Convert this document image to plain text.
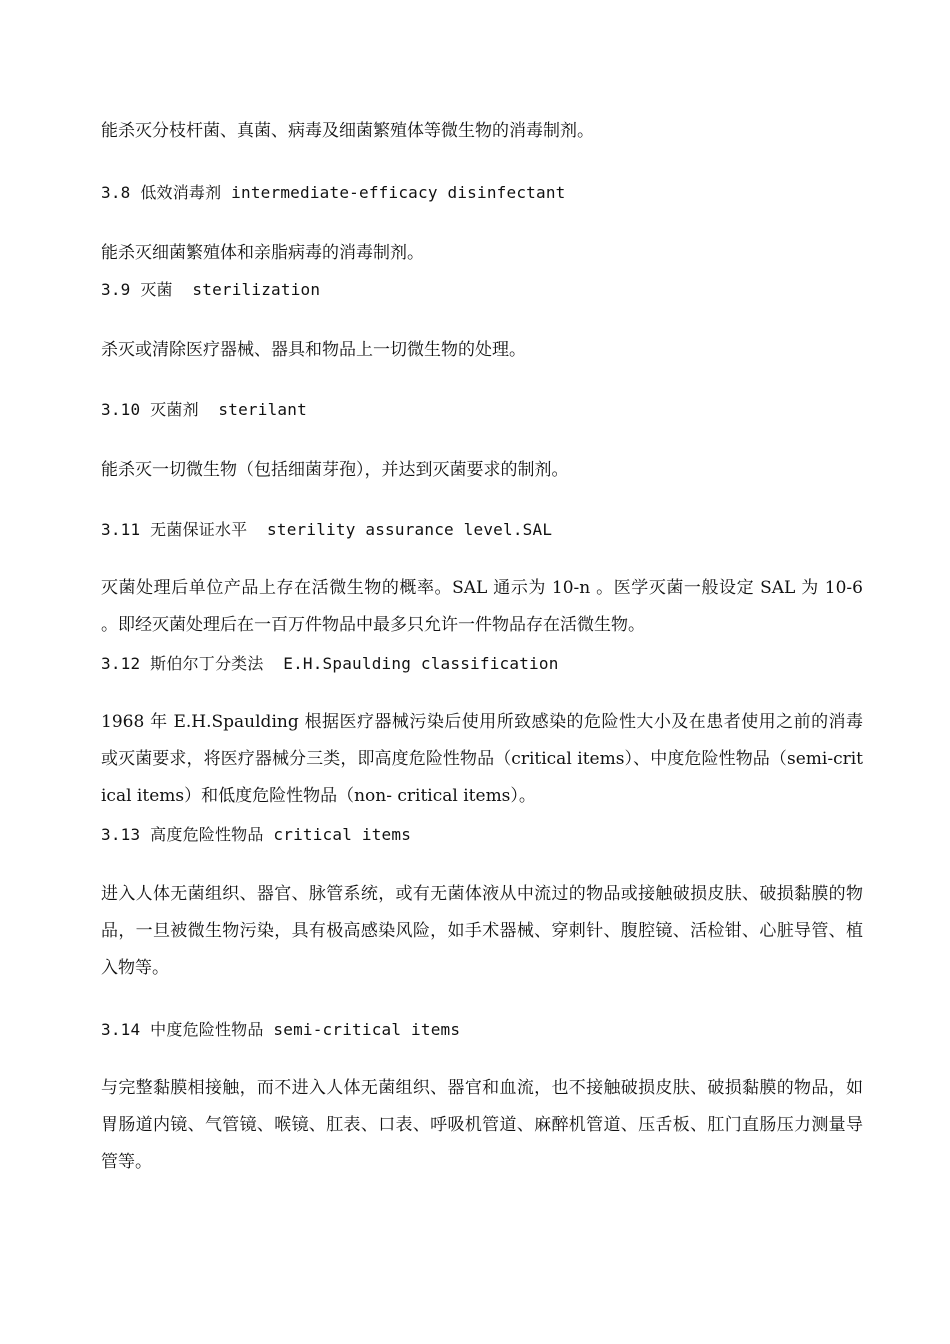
能杀灭分枝杆菌、真菌、病毒及细菌繁殖体等微生物的消毒制剂。

3.8 低效消毒剂 intermediate-efficacy disinfectant

能杀灭细菌繁殖体和亲脂病毒的消毒制剂。

3.9 灭菌  sterilization

杀灭或清除医疗器械、器具和物品上一切微生物的处理。

3.10 灭菌剂  sterilant

能杀灭一切微生物（包括细菌芽孢），并达到灭菌要求的制剂。

3.11 无菌保证水平  sterility assurance level.SAL

灭菌处理后单位产品上存在活微生物的概率。SAL 通示为 10-n 。医学灭菌一般设定 SAL 为 10-6 。即经灭菌处理后在一百万件物品中最多只允许一件物品存在活微生物。

3.12 斯伯尔丁分类法  E.H.Spaulding classification

1968 年 E.H.Spaulding 根据医疗器械污染后使用所致感染的危险性大小及在患者使用之前的消毒或灭菌要求，将医疗器械分三类，即高度危险性物品（critical items）、中度危险性物品（semi-critical items）和低度危险性物品（non- critical items）。

3.13 高度危险性物品 critical items

进入人体无菌组织、器官、脉管系统，或有无菌体液从中流过的物品或接触破损皮肤、破损黏膜的物品，一旦被微生物污染，具有极高感染风险，如手术器械、穿刺针、腹腔镜、活检钳、心脏导管、植入物等。

3.14 中度危险性物品 semi-critical items

与完整黏膜相接触，而不进入人体无菌组织、器官和血流，也不接触破损皮肤、破损黏膜的物品，如胃肠道内镜、气管镜、喉镜、肛表、口表、呼吸机管道、麻醉机管道、压舌板、肛门直肠压力测量导管等。
